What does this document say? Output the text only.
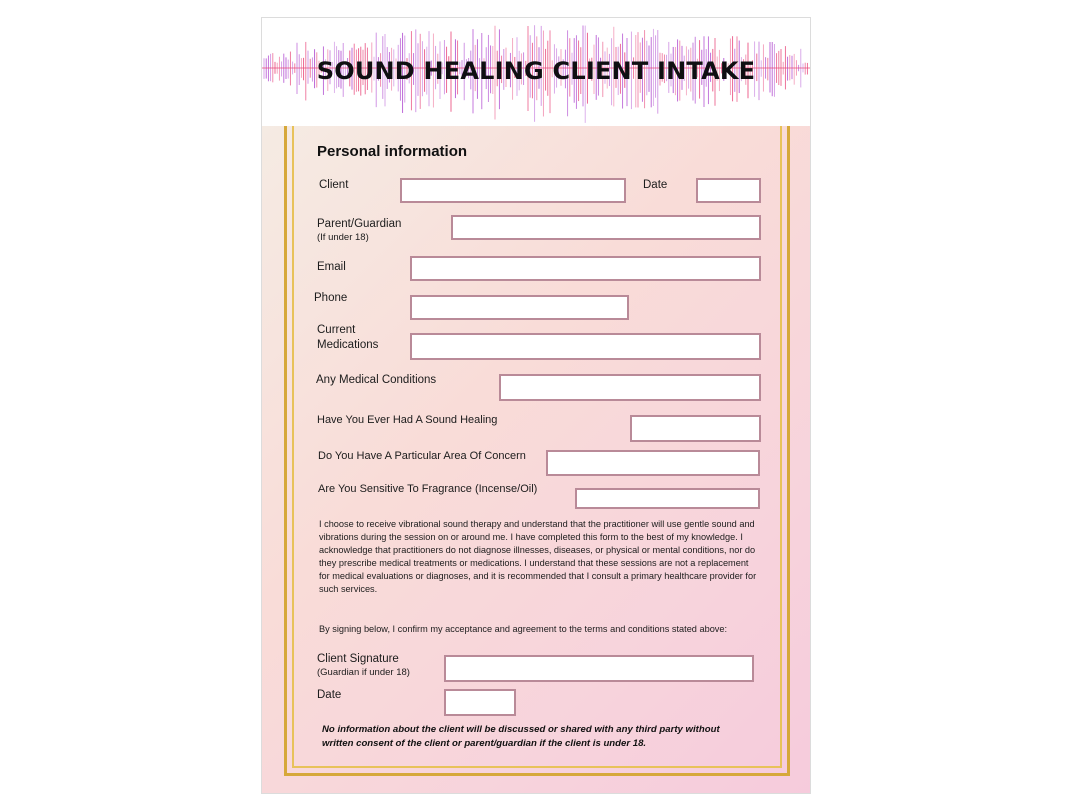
SOUND HEALING CLIENT INTAKE
Personal information
Client	Date
Parent/Guardian
(If under 18)
Email
Phone
Current
Medications
Any Medical Conditions
Have You Ever Had A Sound Healing
Do You Have A Particular Area Of Concern
Are You Sensitive To Fragrance (Incense/Oil)
I choose to receive vibrational sound therapy and understand that the practitioner will use gentle sound and vibrations during the session on or around me. I have completed this form to the best of my knowledge. I acknowledge that practitioners do not diagnose illnesses, diseases, or physical or mental conditions, nor do they prescribe medical treatments or medications. I understand that these sessions are not a replacement for medical evaluations or diagnoses, and it is recommended that I consult a primary healthcare provider for such services.
By signing below, I confirm my acceptance and agreement to the terms and conditions stated above:
Client Signature
(Guardian if under 18)
Date
No information about the client will be discussed or shared with any third party without written consent of the client or parent/guardian if the client is under 18.
